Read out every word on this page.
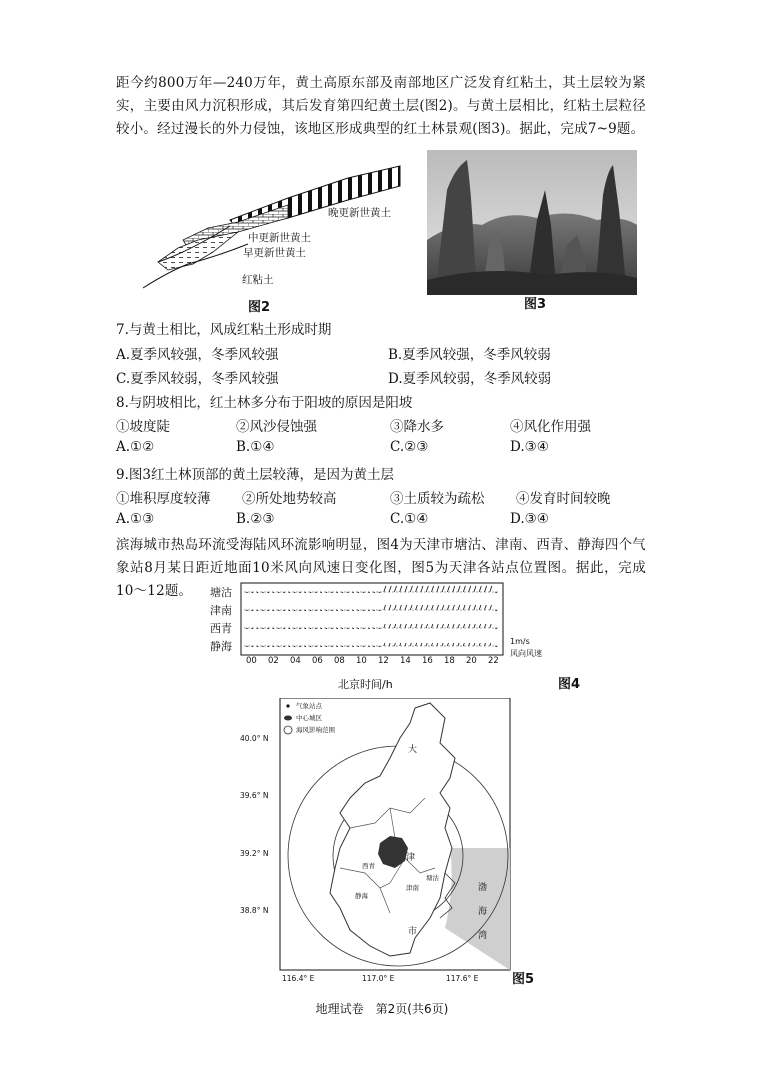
距今约800万年—240万年，黄土高原东部及南部地区广泛发育红粘土，其土层较为紧实，主要由风力沉积形成，其后发育第四纪黄土层(图2)。与黄土层相比，红粘土层粒径较小。经过漫长的外力侵蚀，该地区形成典型的红土林景观(图3)。据此，完成7~9题。

晚更新世黄土
中更新世黄土
早更新世黄土
红粘土
图2	图3
7.与黄土相比，风成红粘土形成时期
A.夏季风较强，冬季风较强	B.夏季风较强，冬季风较弱
C.夏季风较弱，冬季风较强	D.夏季风较弱，冬季风较弱
8.与阴坡相比，红土林多分布于阳坡的原因是阳坡
①坡度陡	②风沙侵蚀强	③降水多	④风化作用强
A.①②	B.①④	C.②③	D.③④
9.图3红土林顶部的黄土层较薄，是因为黄土层
①堆积厚度较薄 ②所处地势较高	③土质较为疏松 ④发育时间较晚
A.①③	B.②③	C.①④	D.③④

滨海城市热岛环流受海陆风环流影响明显，图4为天津市塘沽、津南、西青、静海四个气象站8月某日距近地面10米风向风速日变化图，图5为天津各站点位置图。据此，完成10～12题。	塘沽
津南
西青
静海
00 02 04 06 08 10 12 14 16 18 20 22
1m/s
风向风速
北京时间/h	图4
气象站点
中心城区
海风影响范围
40.0° N
39.6° N
39.2° N
38.8° N
116.4° E	117.0° E	117.6° E
大
津
西青
津南
塘沽
静海
市
渤
海
湾
图5
地理试卷　第2页(共6页)
